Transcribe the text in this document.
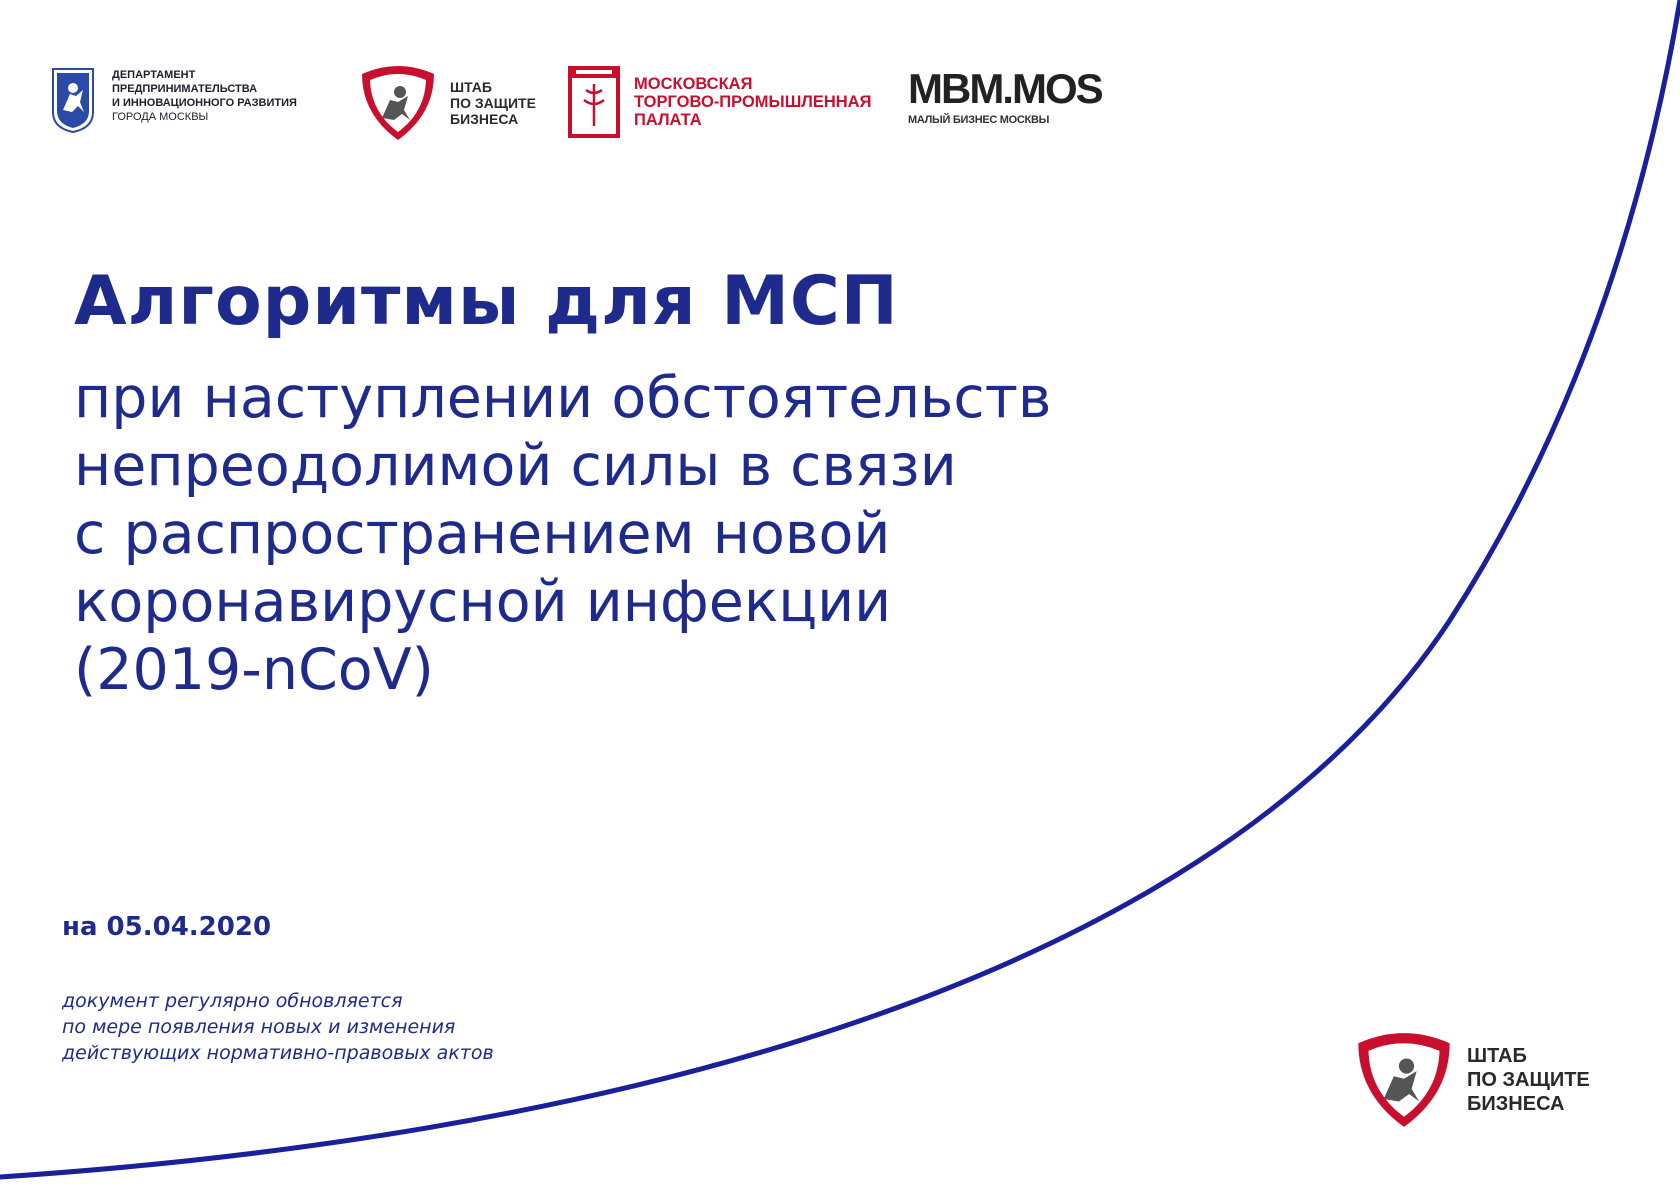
ДЕПАРТАМЕНТ
ПРЕДПРИНИМАТЕЛЬСТВА
И ИННОВАЦИОННОГО РАЗВИТИЯ
ГОРОДА МОСКВЫ
ШТАБ
ПО ЗАЩИТЕ
БИЗНЕСА
МОСКОВСКАЯ
ТОРГОВО-ПРОМЫШЛЕННАЯ
ПАЛАТА
MBM.MOS
МАЛЫЙ БИЗНЕС МОСКВЫ
Алгоритмы для МСП
при наступлении обстоятельств
непреодолимой силы в связи
с распространением новой
коронавирусной инфекции
(2019-nCoV)
на 05.04.2020
документ регулярно обновляется
по мере появления новых и изменения
действующих нормативно-правовых актов	ШТАБ
ПО ЗАЩИТЕ
БИЗНЕСА
